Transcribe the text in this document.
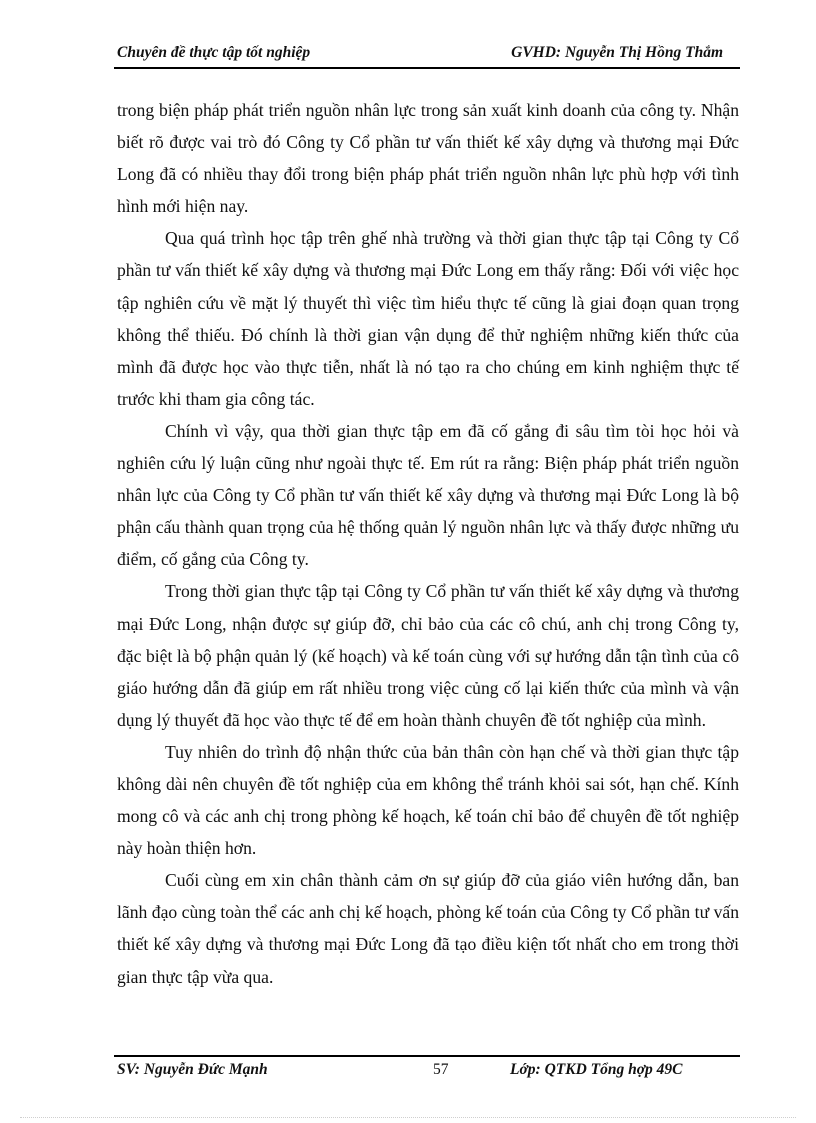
Chuyên đề thực tập tốt nghiệp	GVHD: Nguyễn Thị Hồng Thắm

trong biện pháp phát triển nguồn nhân lực trong sản xuất kinh doanh của công ty. Nhận biết rõ được vai trò đó Công ty Cổ phần tư vấn thiết kế xây dựng và thương mại Đức Long đã có nhiều thay đổi trong biện pháp phát triển nguồn nhân lực phù hợp với tình hình mới hiện nay.

Qua quá trình học tập trên ghế nhà trường và thời gian thực tập tại Công ty Cổ phần tư vấn thiết kế xây dựng và thương mại Đức Long em thấy rằng: Đối với việc học tập nghiên cứu về mặt lý thuyết thì việc tìm hiểu thực tế cũng là giai đoạn quan trọng không thể thiếu. Đó chính là thời gian vận dụng để thử nghiệm những kiến thức của mình đã được học vào thực tiễn, nhất là nó tạo ra cho chúng em kinh nghiệm thực tế trước khi tham gia công tác.

Chính vì vậy, qua thời gian thực tập em đã cố gắng đi sâu tìm tòi học hỏi và nghiên cứu lý luận cũng như ngoài thực tế. Em rút ra rằng: Biện pháp phát triển nguồn nhân lực của Công ty Cổ phần tư vấn thiết kế xây dựng và thương mại Đức Long là bộ phận cấu thành quan trọng của hệ thống quản lý nguồn nhân lực và thấy được những ưu điểm, cố gắng của Công ty.

Trong thời gian thực tập tại Công ty Cổ phần tư vấn thiết kế xây dựng và thương mại Đức Long, nhận được sự giúp đỡ, chỉ bảo của các cô chú, anh chị trong Công ty, đặc biệt là bộ phận quản lý (kế hoạch) và kế toán cùng với sự hướng dẫn tận tình của cô giáo hướng dẫn đã giúp em rất nhiều trong việc củng cố lại kiến thức của mình và vận dụng lý thuyết đã học vào thực tế để em hoàn thành chuyên đề tốt nghiệp của mình.

Tuy nhiên do trình độ nhận thức của bản thân còn hạn chế và thời gian thực tập không dài nên chuyên đề tốt nghiệp của em không thể tránh khỏi sai sót, hạn chế. Kính mong cô và các anh chị trong phòng kế hoạch, kế toán chỉ bảo để chuyên đề tốt nghiệp này hoàn thiện hơn.

Cuối cùng em xin chân thành cảm ơn sự giúp đỡ của giáo viên hướng dẫn, ban lãnh đạo cùng toàn thể các anh chị kế hoạch, phòng kế toán của Công ty Cổ phần tư vấn thiết kế xây dựng và thương mại Đức Long đã tạo điều kiện tốt nhất cho em trong thời gian thực tập vừa qua.

SV: Nguyễn Đức Mạnh	57	Lớp: QTKD Tổng hợp 49C
